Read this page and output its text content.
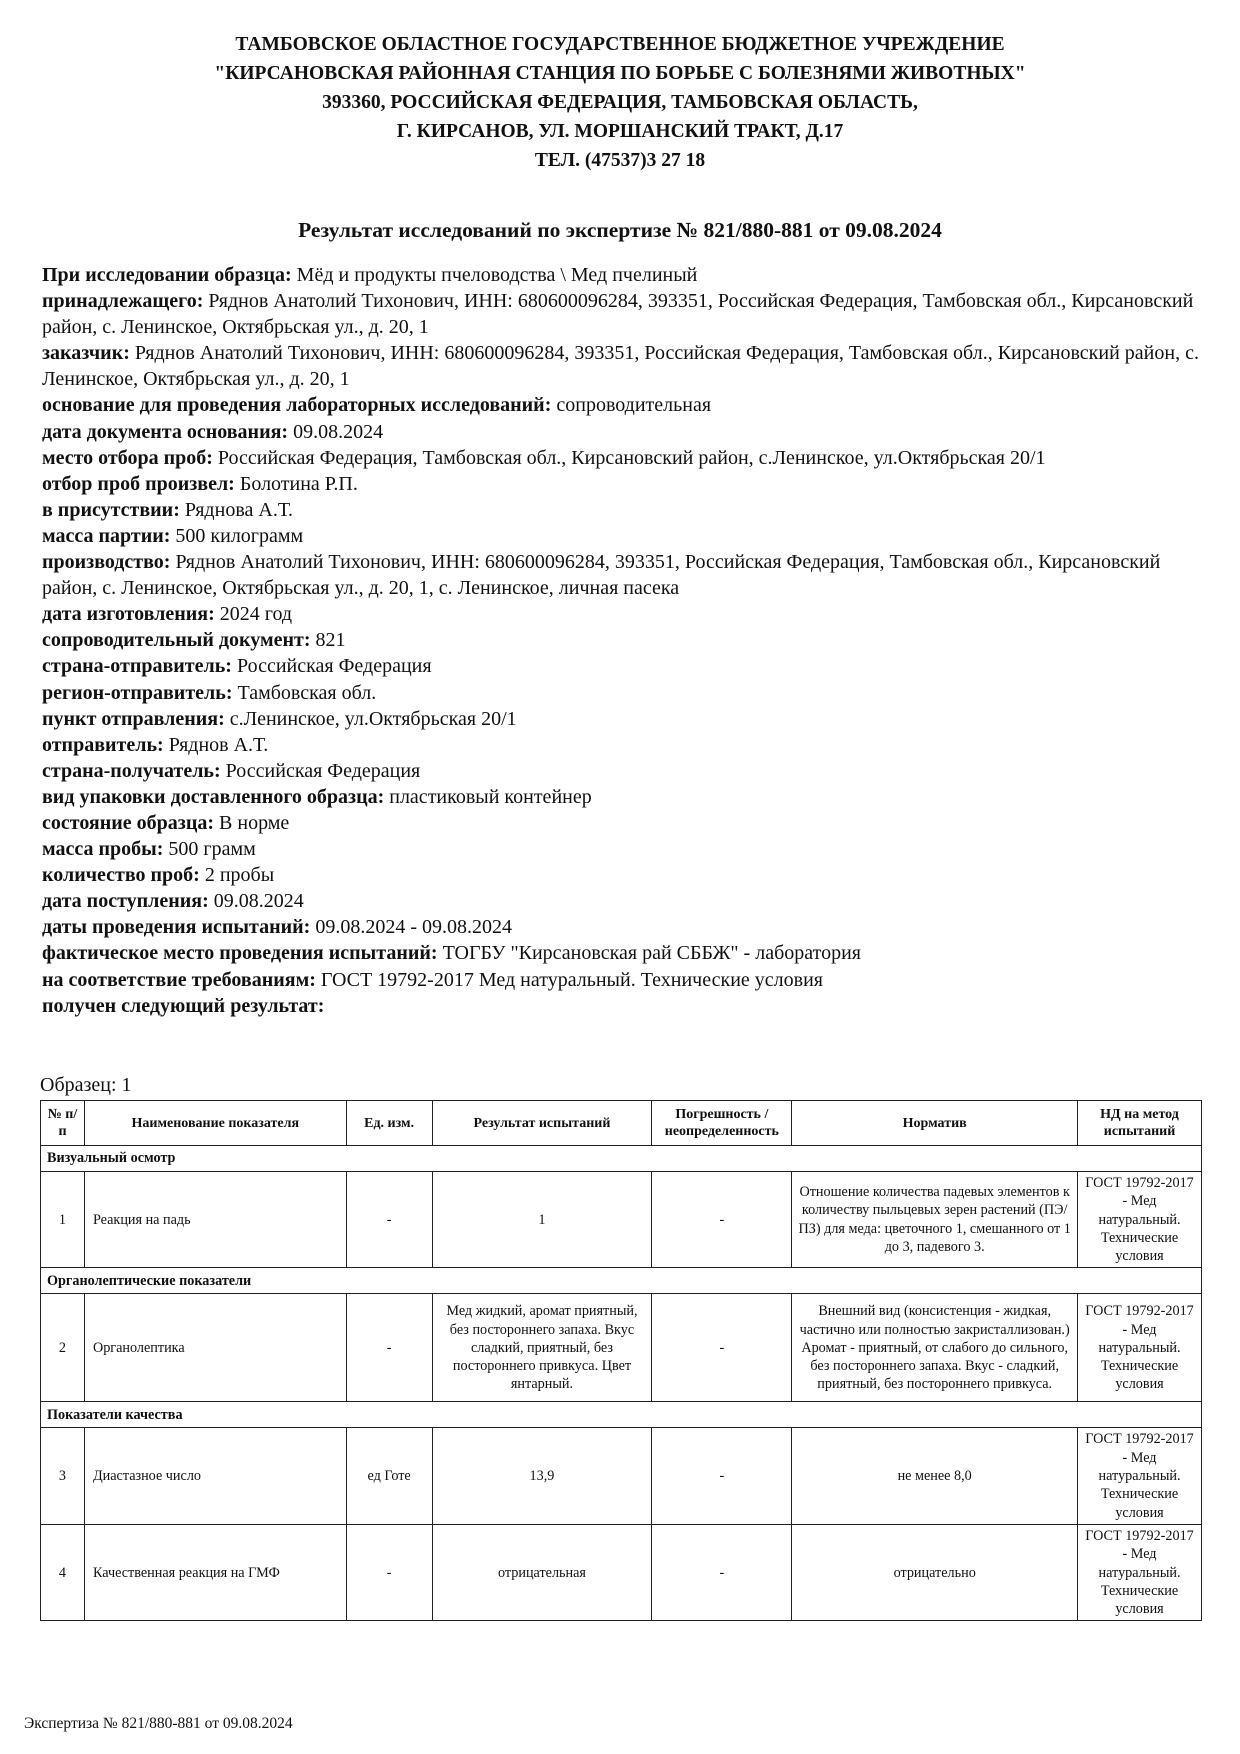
ТАМБОВСКОЕ ОБЛАСТНОЕ ГОСУДАРСТВЕННОЕ БЮДЖЕТНОЕ УЧРЕЖДЕНИЕ
"КИРСАНОВСКАЯ РАЙОННАЯ СТАНЦИЯ ПО БОРЬБЕ С БОЛЕЗНЯМИ ЖИВОТНЫХ"
393360, РОССИЙСКАЯ ФЕДЕРАЦИЯ, ТАМБОВСКАЯ ОБЛАСТЬ,
Г. КИРСАНОВ, УЛ. МОРШАНСКИЙ ТРАКТ, Д.17
ТЕЛ. (47537)3 27 18
Результат исследований по экспертизе № 821/880-881 от 09.08.2024
При исследовании образца: Мёд и продукты пчеловодства \ Мед пчелиный
принадлежащего: Ряднов Анатолий Тихонович, ИНН: 680600096284, 393351, Российская Федерация, Тамбовская обл., Кирсановский район, с. Ленинское, Октябрьская ул., д. 20, 1
заказчик: Ряднов Анатолий Тихонович, ИНН: 680600096284, 393351, Российская Федерация, Тамбовская обл., Кирсановский район, с. Ленинское, Октябрьская ул., д. 20, 1
основание для проведения лабораторных исследований: сопроводительная
дата документа основания: 09.08.2024
место отбора проб: Российская Федерация, Тамбовская обл., Кирсановский район, с.Ленинское, ул.Октябрьская 20/1
отбор проб произвел: Болотина Р.П.
в присутствии: Ряднова А.Т.
масса партии: 500 килограмм
производство: Ряднов Анатолий Тихонович, ИНН: 680600096284, 393351, Российская Федерация, Тамбовская обл., Кирсановский район, с. Ленинское, Октябрьская ул., д. 20, 1, с. Ленинское, личная пасека
дата изготовления: 2024 год
сопроводительный документ: 821
страна-отправитель: Российская Федерация
регион-отправитель: Тамбовская обл.
пункт отправления: с.Ленинское, ул.Октябрьская 20/1
отправитель: Ряднов А.Т.
страна-получатель: Российская Федерация
вид упаковки доставленного образца: пластиковый контейнер
состояние образца: В норме
масса пробы: 500 грамм
количество проб: 2 пробы
дата поступления: 09.08.2024
даты проведения испытаний: 09.08.2024 - 09.08.2024
фактическое место проведения испытаний: ТОГБУ "Кирсановская рай СББЖ" - лаборатория
на соответствие требованиям: ГОСТ 19792-2017 Мед натуральный. Технические условия
получен следующий результат:
Образец: 1
№ п/п	Наименование показателя	Ед. изм.	Результат испытаний	Погрешность / неопределенность	Норматив	НД на метод испытаний
Визуальный осмотр						
1	Реакция на падь	-	1	-	Отношение количества падевых элементов к количеству пыльцевых зерен растений (ПЭ/ПЗ) для меда: цветочного 1, смешанного от 1 до 3, падевого 3.	ГОСТ 19792-2017 - Мед натуральный. Технические условия
Органолептические показатели						
2	Органолептика	-	Мед жидкий, аромат приятный, без постороннего запаха. Вкус сладкий, приятный, без постороннего привкуса. Цвет янтарный.	-	Внешний вид (консистенция - жидкая, частично или полностью закристаллизован.) Аромат - приятный, от слабого до сильного, без постороннего запаха. Вкус - сладкий, приятный, без постороннего привкуса.	ГОСТ 19792-2017 - Мед натуральный. Технические условия
Показатели качества						
3	Диастазное число	ед Готе	13,9	-	не менее 8,0	ГОСТ 19792-2017 - Мед натуральный. Технические условия
4	Качественная реакция на ГМФ	-	отрицательная	-	отрицательно	ГОСТ 19792-2017 - Мед натуральный. Технические условия
Экспертиза № 821/880-881 от 09.08.2024
